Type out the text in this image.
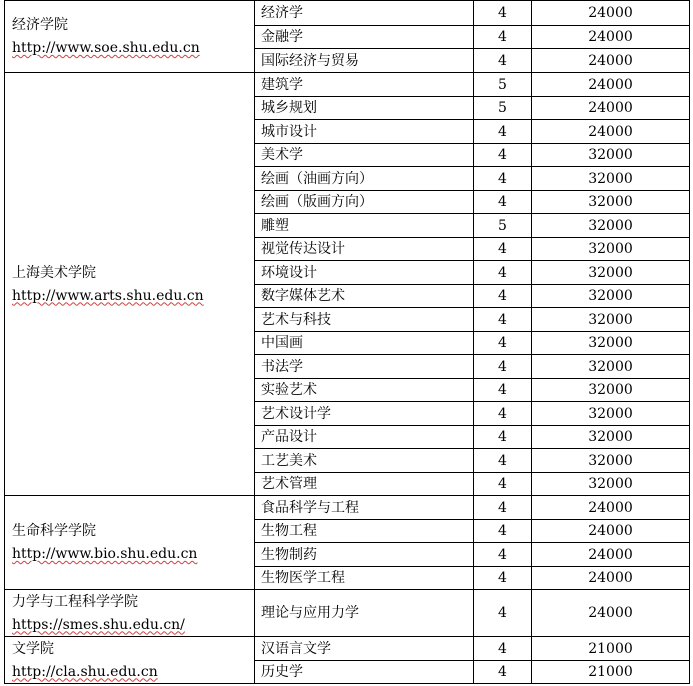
经济学院
http://www.soe.shu.edu.cn	经济学	4	24000
	金融学	4	24000
	国际经济与贸易	4	24000

上海美术学院
http://www.arts.shu.edu.cn	建筑学	5	24000
	城乡规划	5	24000
	城市设计	4	24000
	美术学	4	32000
	绘画（油画方向）	4	32000
	绘画（版画方向）	4	32000
	雕塑	5	32000
	视觉传达设计	4	32000
	环境设计	4	32000
	数字媒体艺术	4	32000
	艺术与科技	4	32000
	中国画	4	32000
	书法学	4	32000
	实验艺术	4	32000
	艺术设计学	4	32000
	产品设计	4	32000
	工艺美术	4	32000
	艺术管理	4	32000

生命科学学院
http://www.bio.shu.edu.cn	食品科学与工程	4	24000
	生物工程	4	24000
	生物制药	4	24000
	生物医学工程	4	24000

力学与工程科学学院
https://smes.shu.edu.cn/	理论与应用力学	4	24000

文学院
http://cla.shu.edu.cn	汉语言文学	4	21000
	历史学	4	21000
